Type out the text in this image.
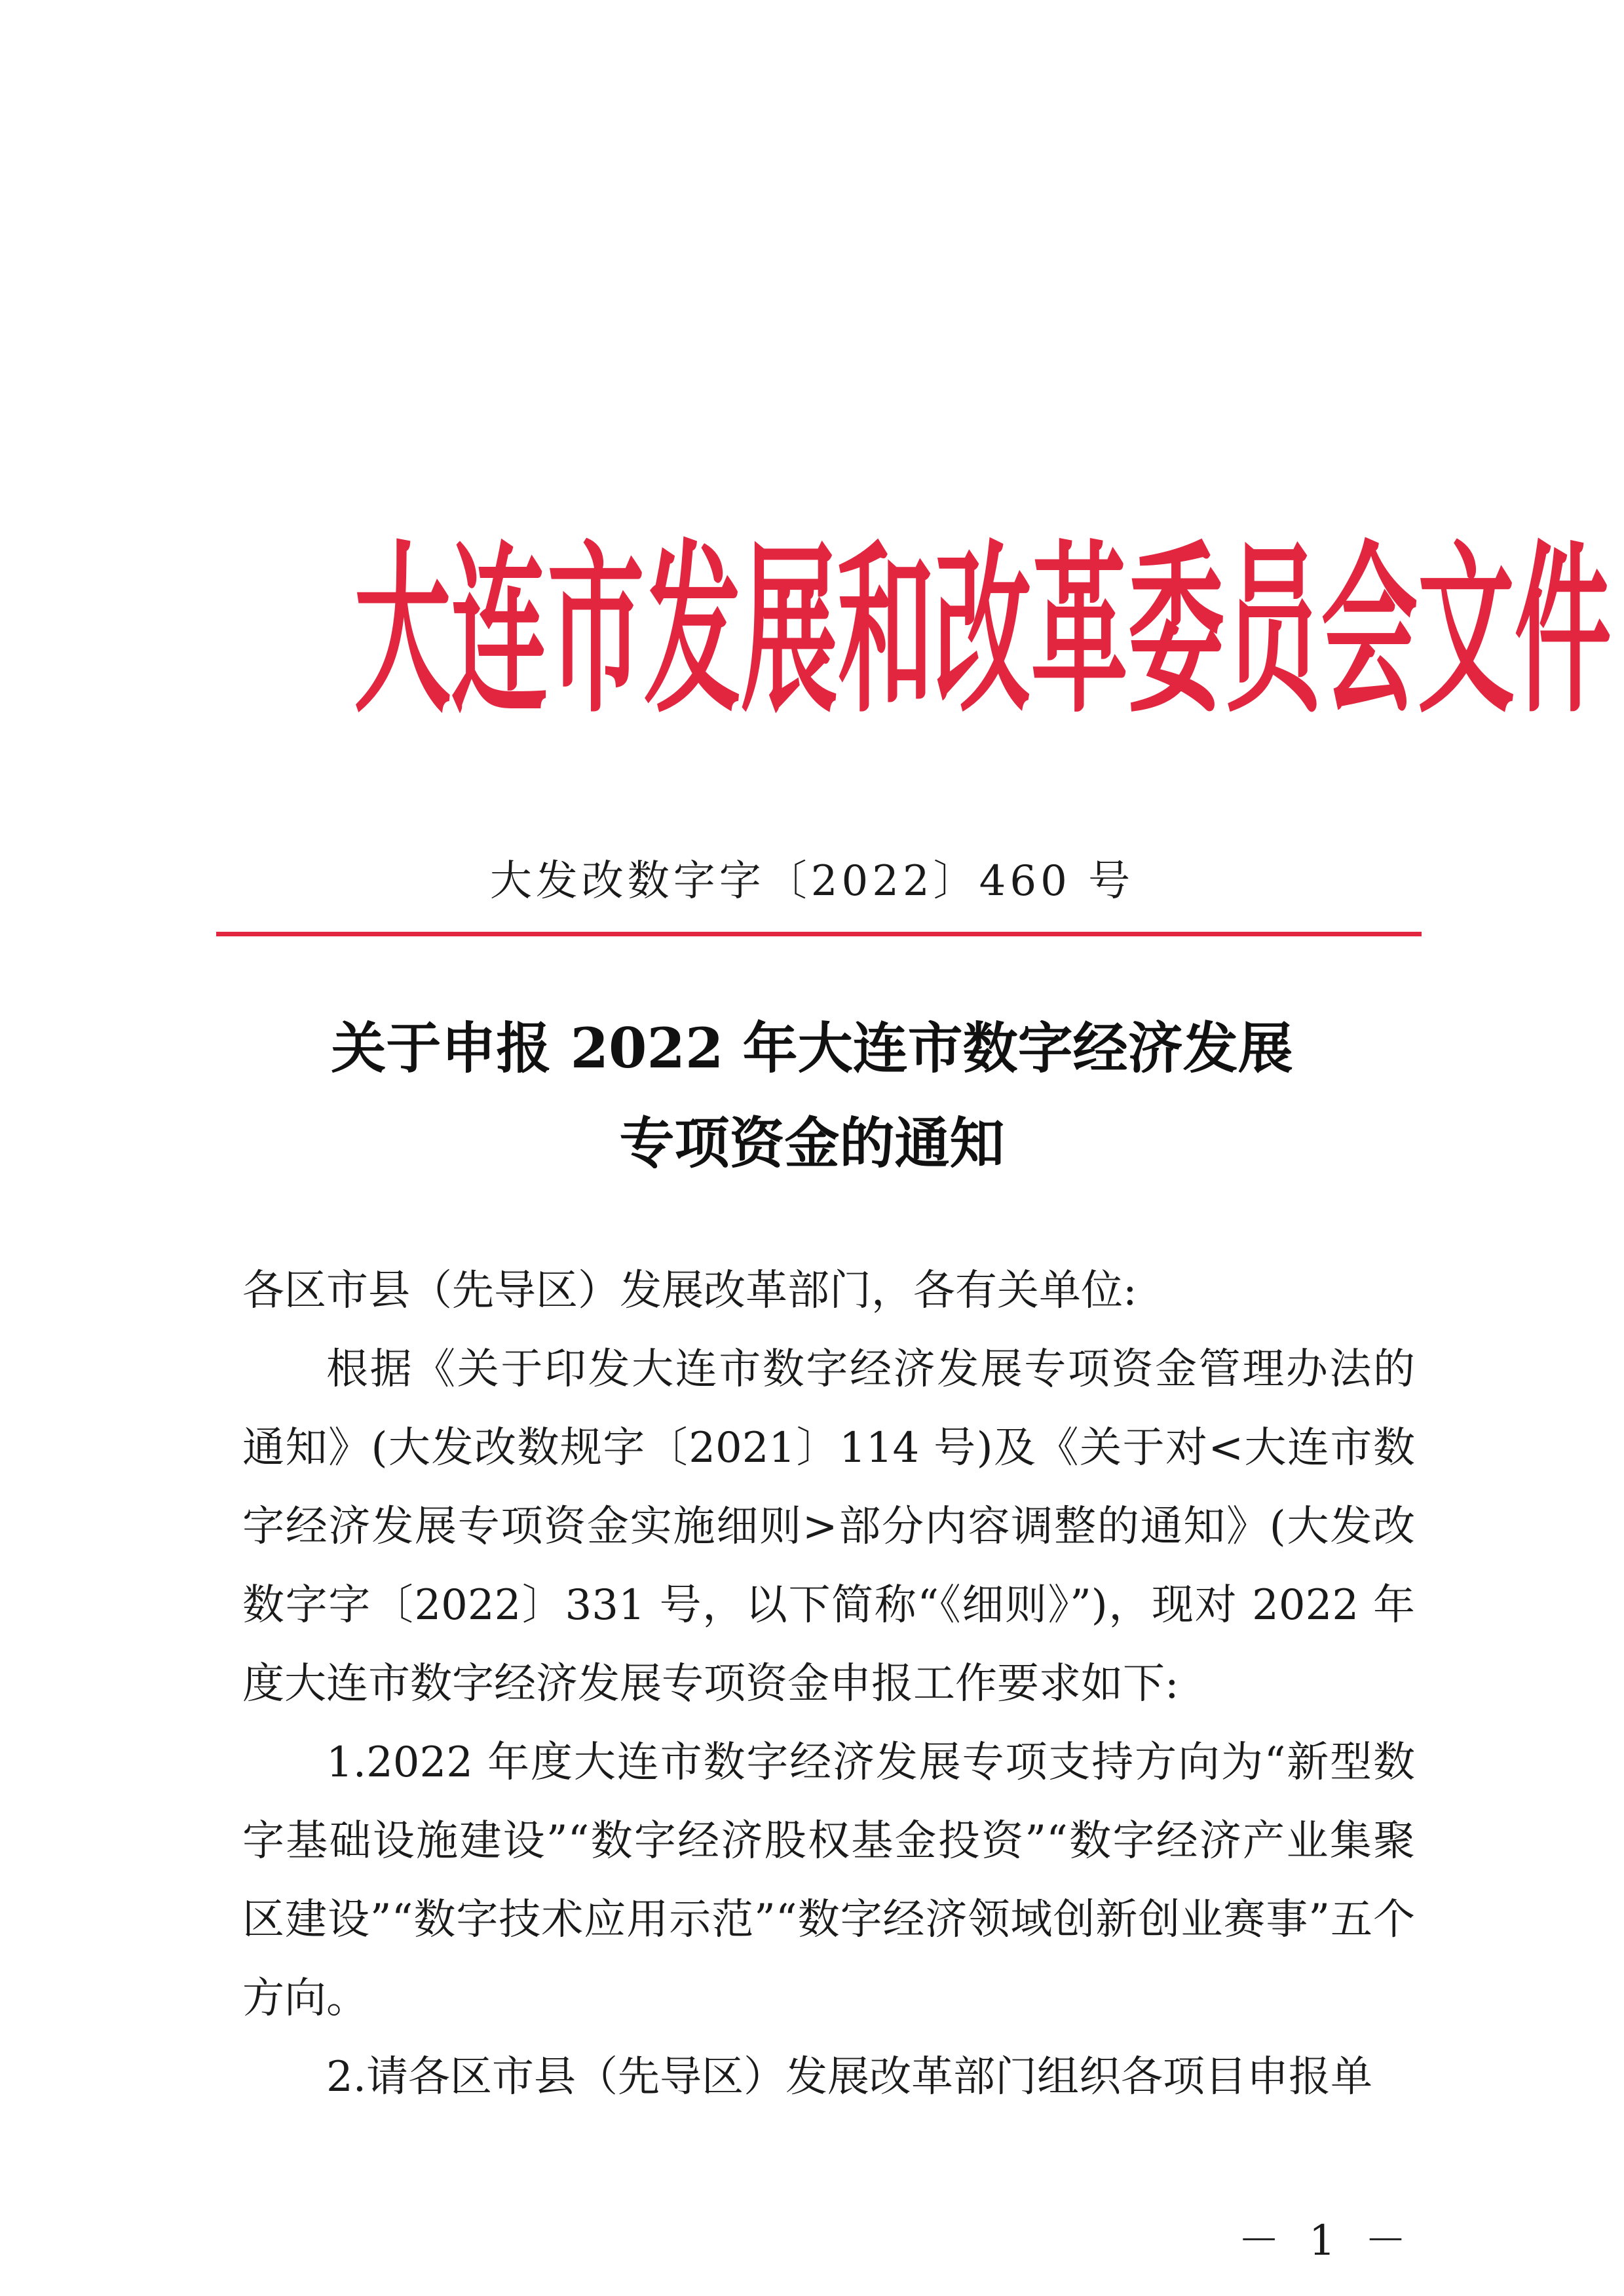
大连市发展和改革委员会文件
大发改数字字〔2022〕460 号
关于申报 2022 年大连市数字经济发展
专项资金的通知
各区市县（先导区）发展改革部门，各有关单位:
根据《关于印发大连市数字经济发展专项资金管理办法的通知》(大发改数规字〔2021〕114 号)及《关于对<大连市数字经济发展专项资金实施细则>部分内容调整的通知》(大发改数字字〔2022〕331 号，以下简称“《细则》”)，现对 2022 年度大连市数字经济发展专项资金申报工作要求如下:
1.2022 年度大连市数字经济发展专项支持方向为“新型数字基础设施建设”“数字经济股权基金投资”“数字经济产业集聚区建设”“数字技术应用示范”“数字经济领域创新创业赛事”五个方向。
2.请各区市县（先导区）发展改革部门组织各项目申报单
－ 1 －
